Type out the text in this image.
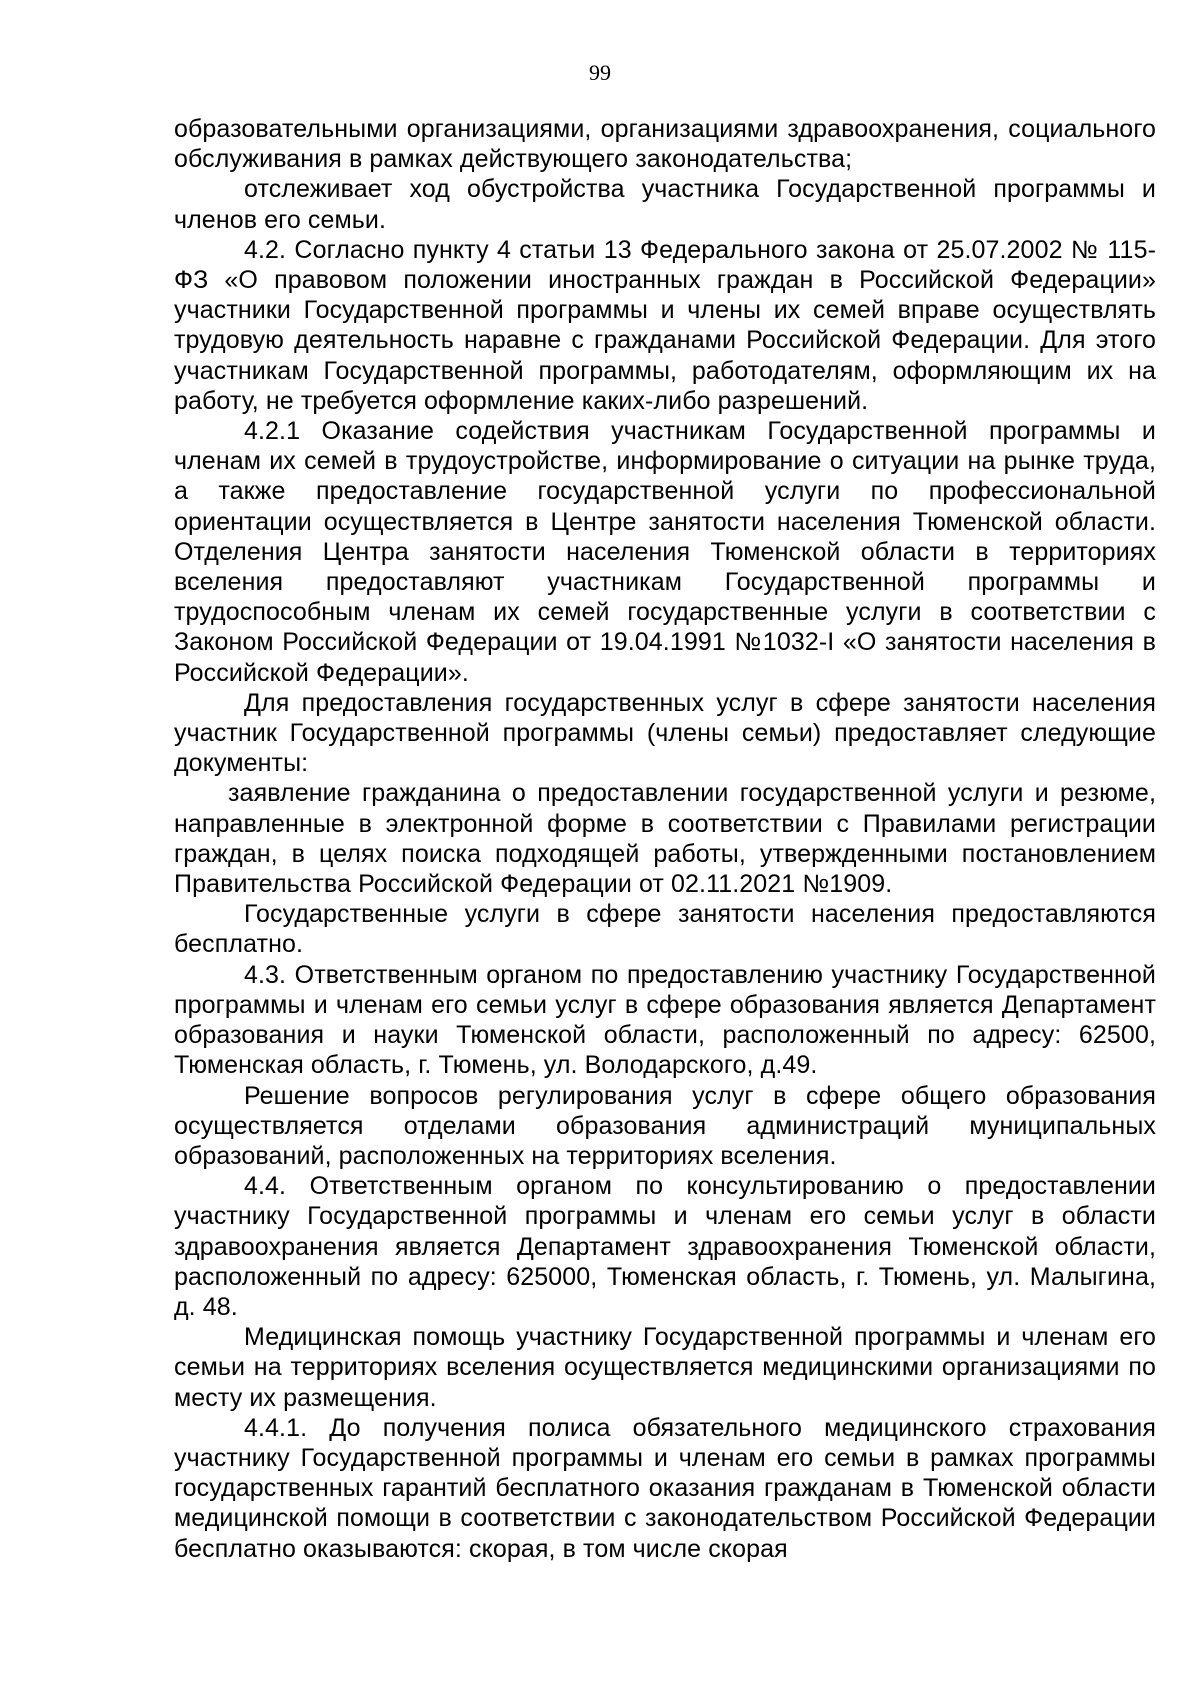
99

образовательными организациями, организациями здравоохранения, социального обслуживания в рамках действующего законодательства;

отслеживает ход обустройства участника Государственной программы и членов его семьи.

4.2. Согласно пункту 4 статьи 13 Федерального закона от 25.07.2002 № 115-ФЗ «О правовом положении иностранных граждан в Российской Федерации» участники Государственной программы и члены их семей вправе осуществлять трудовую деятельность наравне с гражданами Российской Федерации. Для этого участникам Государственной программы, работодателям, оформляющим их на работу, не требуется оформление каких-либо разрешений.

4.2.1 Оказание содействия участникам Государственной программы и членам их семей в трудоустройстве, информирование о ситуации на рынке труда, а также предоставление государственной услуги по профессиональной ориентации осуществляется в Центре занятости населения Тюменской области. Отделения Центра занятости населения Тюменской области в территориях вселения предоставляют участникам Государственной программы и трудоспособным членам их семей государственные услуги в соответствии с Законом Российской Федерации от 19.04.1991 №1032-I «О занятости населения в Российской Федерации».

Для предоставления государственных услуг в сфере занятости населения участник Государственной программы (члены семьи) предоставляет следующие документы:

заявление гражданина о предоставлении государственной услуги и резюме, направленные в электронной форме в соответствии с Правилами регистрации граждан, в целях поиска подходящей работы, утвержденными постановлением Правительства Российской Федерации от 02.11.2021 №1909.

Государственные услуги в сфере занятости населения предоставляются бесплатно.

4.3. Ответственным органом по предоставлению участнику Государственной программы и членам его семьи услуг в сфере образования является Департамент образования и науки Тюменской области, расположенный по адресу: 62500, Тюменская область, г. Тюмень, ул. Володарского, д.49.

Решение вопросов регулирования услуг в сфере общего образования осуществляется отделами образования администраций муниципальных образований, расположенных на территориях вселения.

4.4. Ответственным органом по консультированию о предоставлении участнику Государственной программы и членам его семьи услуг в области здравоохранения является Департамент здравоохранения Тюменской области, расположенный по адресу: 625000, Тюменская область, г. Тюмень, ул. Малыгина, д. 48.

Медицинская помощь участнику Государственной программы и членам его семьи на территориях вселения осуществляется медицинскими организациями по месту их размещения.

4.4.1. До получения полиса обязательного медицинского страхования участнику Государственной программы и членам его семьи в рамках программы государственных гарантий бесплатного оказания гражданам в Тюменской области медицинской помощи в соответствии с законодательством Российской Федерации бесплатно оказываются: скорая, в том числе скорая
